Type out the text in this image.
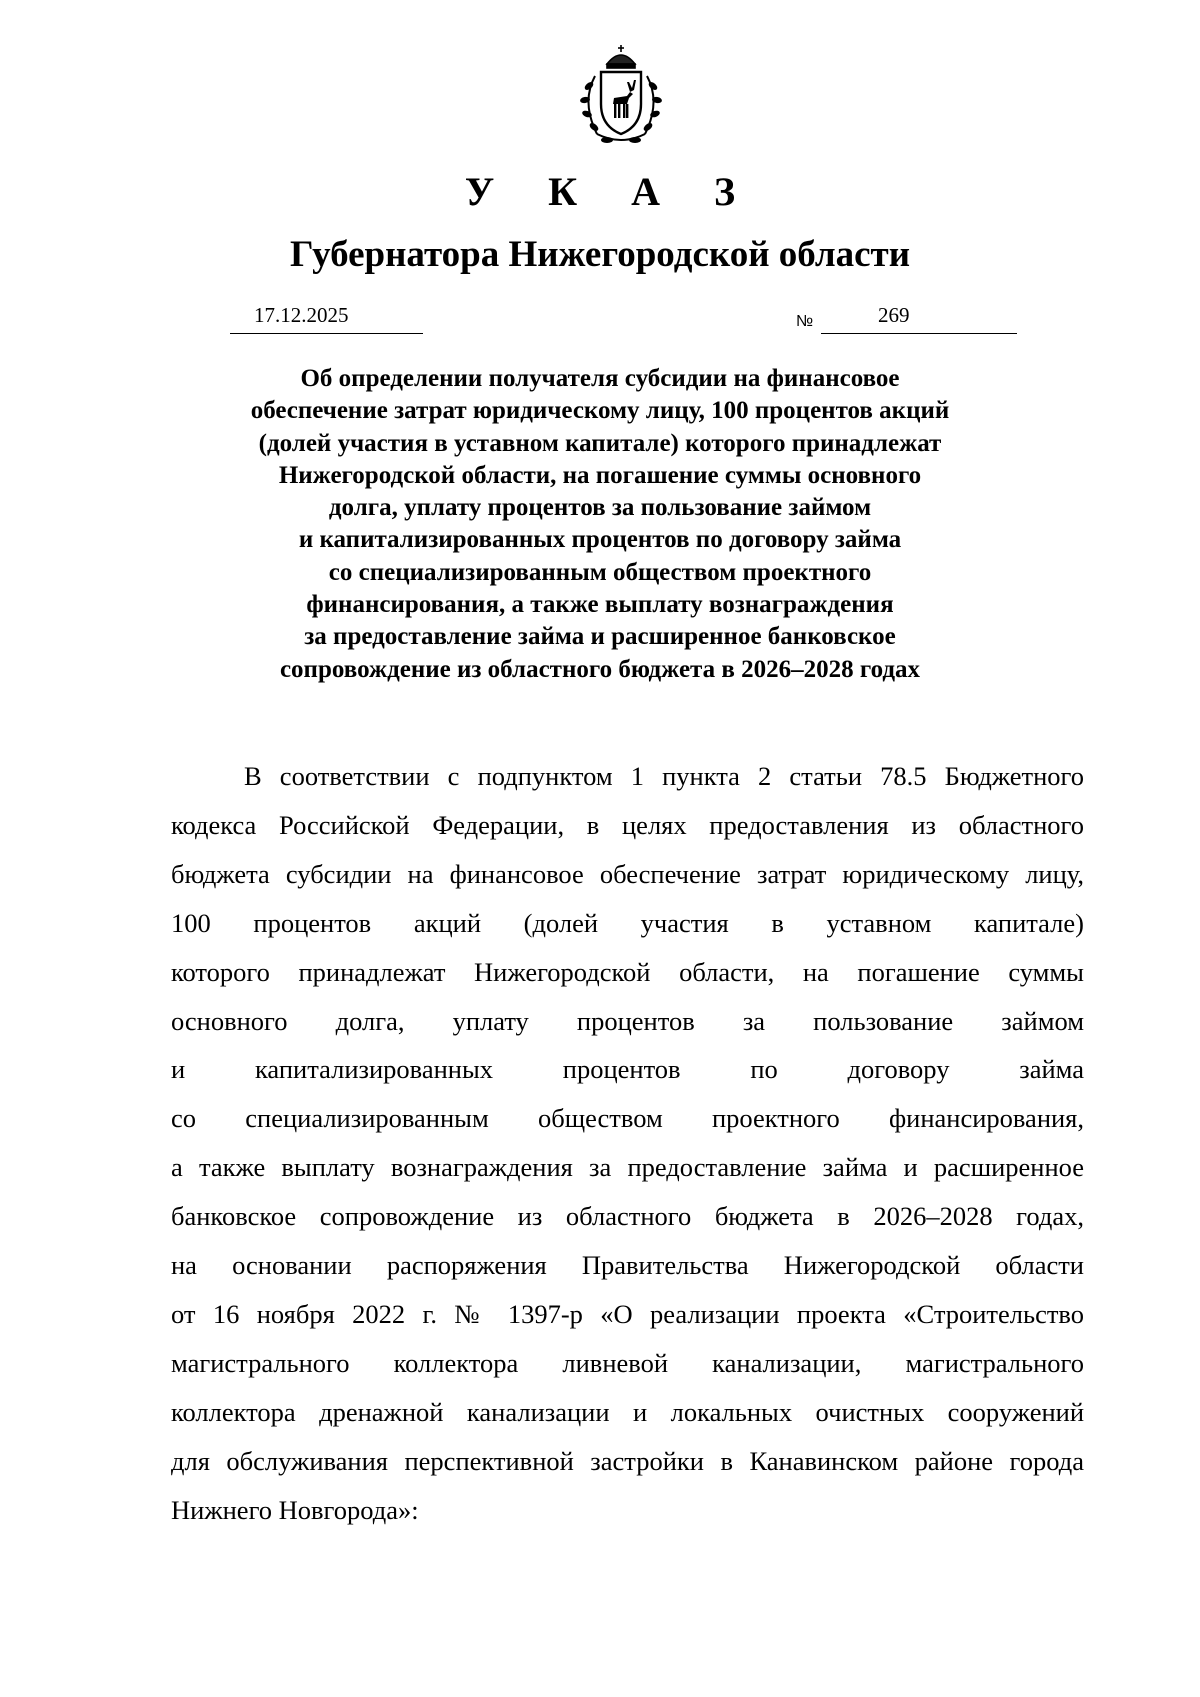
У К А З
Губернатора Нижегородской области
17.12.2025	№	269
Об определении получателя субсидии на финансовое
обеспечение затрат юридическому лицу, 100 процентов акций
(долей участия в уставном капитале) которого принадлежат
Нижегородской области, на погашение суммы основного
долга, уплату процентов за пользование займом
и капитализированных процентов по договору займа
со специализированным обществом проектного
финансирования, а также выплату вознаграждения
за предоставление займа и расширенное банковское
сопровождение из областного бюджета в 2026–2028 годах
В соответствии с подпунктом 1 пункта 2 статьи 78.5 Бюджетного
кодекса Российской Федерации, в целях предоставления из областного
бюджета субсидии на финансовое обеспечение затрат юридическому лицу,
100 процентов акций (долей участия в уставном капитале)
которого принадлежат Нижегородской области, на погашение суммы
основного долга, уплату процентов за пользование займом
и капитализированных процентов по договору займа
со специализированным обществом проектного финансирования,
а также выплату вознаграждения за предоставление займа и расширенное
банковское сопровождение из областного бюджета в 2026–2028 годах,
на основании распоряжения Правительства Нижегородской области
от 16 ноября 2022 г. № 1397-р «О реализации проекта «Строительство
магистрального коллектора ливневой канализации, магистрального
коллектора дренажной канализации и локальных очистных сооружений
для обслуживания перспективной застройки в Канавинском районе города
Нижнего Новгорода»:
